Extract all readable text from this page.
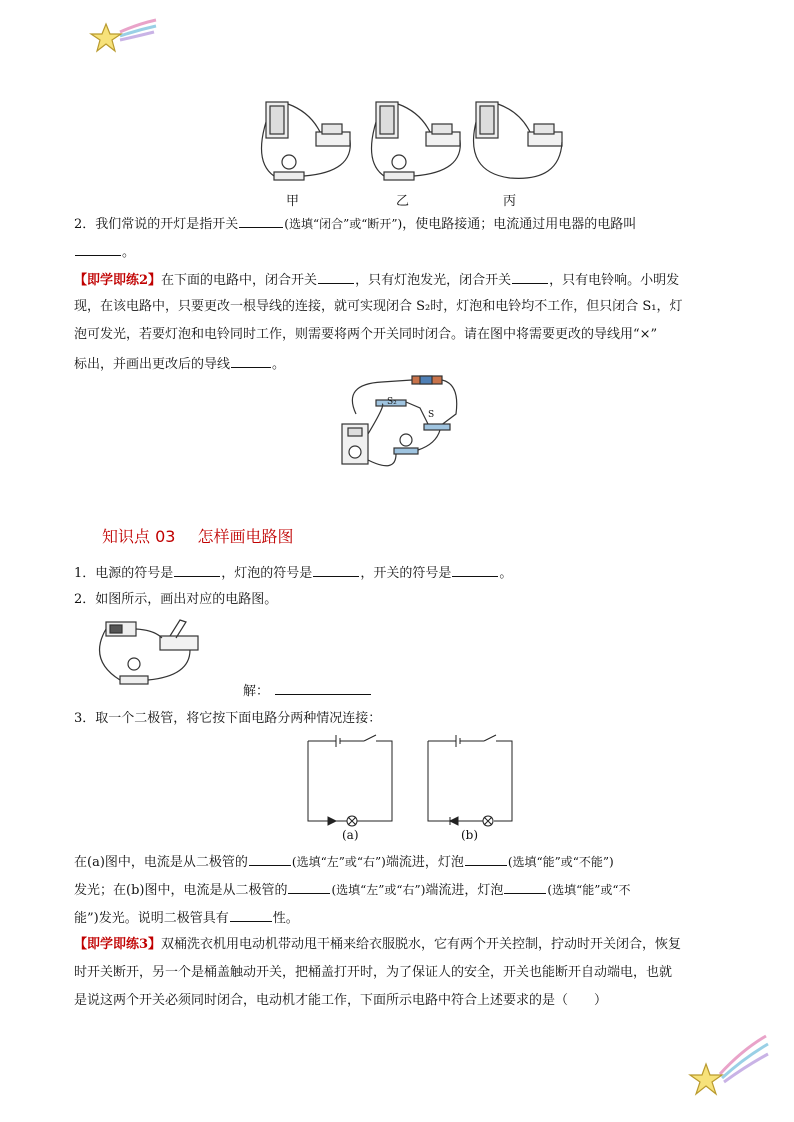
甲	乙	丙
2．我们常说的开灯是指开关	(选填“闭合”或“断开”)，使电路接通；电流通过用电器的电路叫
。
【即学即练2】在下面的电路中，闭合开关	，只有灯泡发光，闭合开关	，只有电铃响。小明发
现，在该电路中，只要更改一根导线的连接，就可实现闭合 S₂时，灯泡和电铃均不工作，但只闭合 S₁，灯
泡可发光，若要灯泡和电铃同时工作，则需要将两个开关同时闭合。请在图中将需要更改的导线用“×”
标出，并画出更改后的导线	。
S₂
S
知识点 03 怎样画电路图
1．电源的符号是	，灯泡的符号是	，开关的符号是	。
2．如图所示，画出对应的电路图。
解：
3．取一个二极管，将它按下面电路分两种情况连接：
(a)	(b)
在(a)图中，电流是从二极管的	(选填“左”或“右”)端流进，灯泡	(选填“能”或“不能”)
发光；在(b)图中，电流是从二极管的	(选填“左”或“右”)端流进，灯泡	(选填“能”或“不
能”)发光。说明二极管具有	性。
【即学即练3】双桶洗衣机用电动机带动甩干桶来给衣服脱水，它有两个开关控制，拧动时开关闭合，恢复
时开关断开，另一个是桶盖触动开关，把桶盖打开时，为了保证人的安全，开关也能断开自动端电，也就
是说这两个开关必须同时闭合，电动机才能工作，下面所示电路中符合上述要求的是（　　）
